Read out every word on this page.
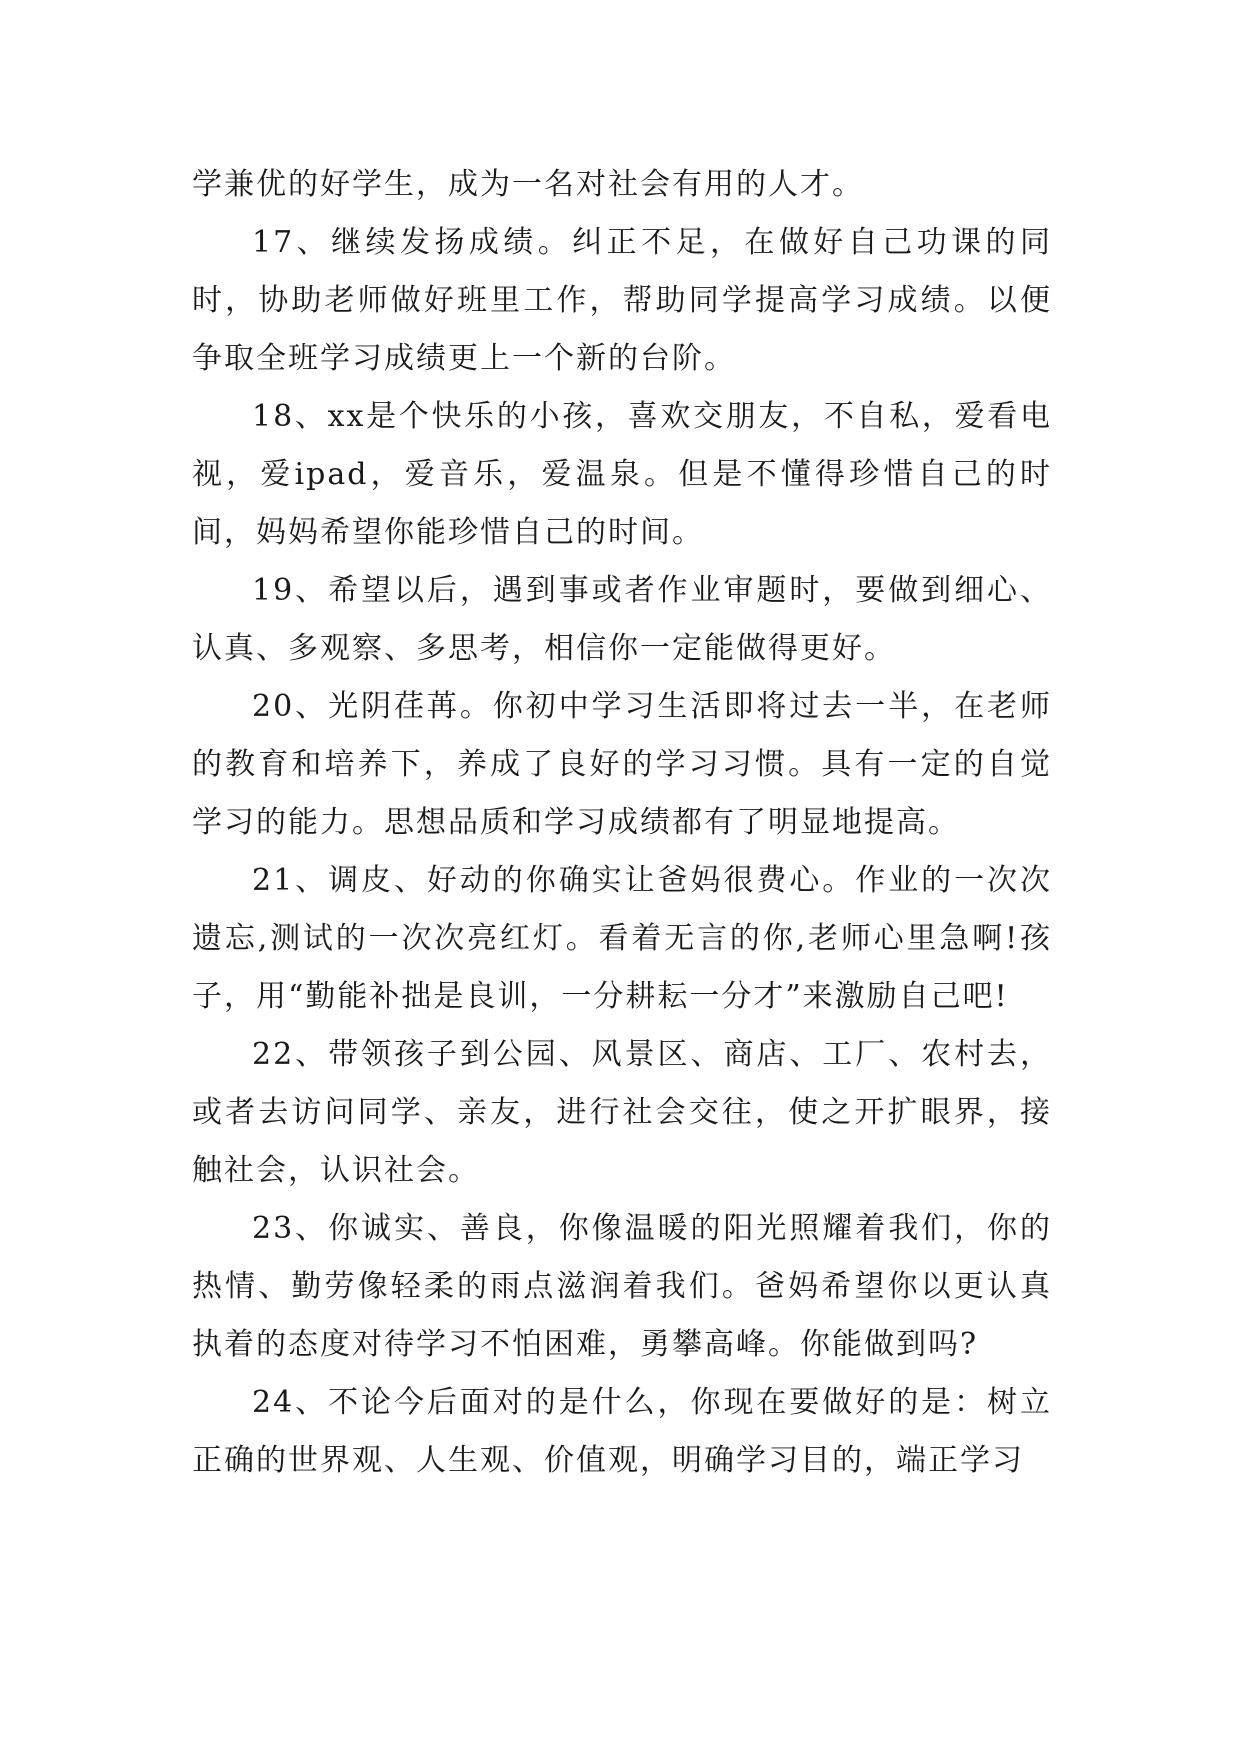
学兼优的好学生，成为一名对社会有用的人才。

17、继续发扬成绩。纠正不足，在做好自己功课的同时，协助老师做好班里工作，帮助同学提高学习成绩。以便争取全班学习成绩更上一个新的台阶。

18、xx是个快乐的小孩，喜欢交朋友，不自私，爱看电视，爱ipad，爱音乐，爱温泉。但是不懂得珍惜自己的时间，妈妈希望你能珍惜自己的时间。

19、希望以后，遇到事或者作业审题时，要做到细心、认真、多观察、多思考，相信你一定能做得更好。

20、光阴荏苒。你初中学习生活即将过去一半，在老师的教育和培养下，养成了良好的学习习惯。具有一定的自觉学习的能力。思想品质和学习成绩都有了明显地提高。

21、调皮、好动的你确实让爸妈很费心。作业的一次次遗忘,测试的一次次亮红灯。看着无言的你,老师心里急啊!孩子，用“勤能补拙是良训，一分耕耘一分才”来激励自己吧!

22、带领孩子到公园、风景区、商店、工厂、农村去，或者去访问同学、亲友，进行社会交往，使之开扩眼界，接触社会，认识社会。

23、你诚实、善良，你像温暖的阳光照耀着我们，你的热情、勤劳像轻柔的雨点滋润着我们。爸妈希望你以更认真执着的态度对待学习不怕困难，勇攀高峰。你能做到吗?

24、不论今后面对的是什么，你现在要做好的是：树立正确的世界观、人生观、价值观，明确学习目的，端正学习
